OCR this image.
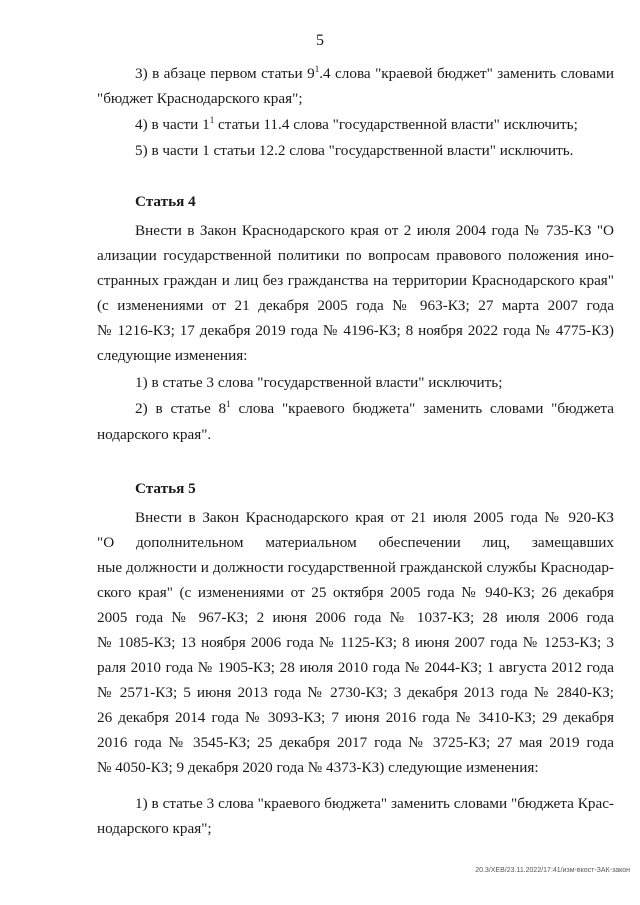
5
3) в абзаце первом статьи $9^1.4$ слова "краевой бюджет" заменить словами
"бюджет Краснодарского края";
4) в части $1^1$ статьи 11.4 слова "государственной власти" исключить;
5) в части 1 статьи 12.2 слова "государственной власти" исключить.
Статья 4
Внести в Закон Краснодарского края от 2 июля 2004 года № 735-КЗ "О
ализации государственной политики по вопросам правового положения ино-
странных граждан и лиц без гражданства на территории Краснодарского края"
(с изменениями от 21 декабря 2005 года № 963-КЗ; 27 марта 2007 года
№ 1216-КЗ; 17 декабря 2019 года № 4196-КЗ; 8 ноября 2022 года № 4775-КЗ)
следующие изменения:
1) в статье 3 слова "государственной власти" исключить;
2) в статье $8^1$ слова "краевого бюджета" заменить словами "бюджета
нодарского края".
Статья 5
Внести в Закон Краснодарского края от 21 июля 2005 года № 920-КЗ
"О дополнительном материальном обеспечении лиц, замещавших
ные должности и должности государственной гражданской службы Краснодар-
ского края" (с изменениями от 25 октября 2005 года № 940-КЗ; 26 декабря
2005 года № 967-КЗ; 2 июня 2006 года № 1037-КЗ; 28 июля 2006 года
№ 1085-КЗ; 13 ноября 2006 года № 1125-КЗ; 8 июня 2007 года № 1253-КЗ; 3
раля 2010 года № 1905-КЗ; 28 июля 2010 года № 2044-КЗ; 1 августа 2012 года
№ 2571-КЗ; 5 июня 2013 года № 2730-КЗ; 3 декабря 2013 года № 2840-КЗ;
26 декабря 2014 года № 3093-КЗ; 7 июня 2016 года № 3410-КЗ; 29 декабря
2016 года № 3545-КЗ; 25 декабря 2017 года № 3725-КЗ; 27 мая 2019 года
№ 4050-КЗ; 9 декабря 2020 года № 4373-КЗ) следующие изменения:
1) в статье 3 слова "краевого бюджета" заменить словами "бюджета Крас-
нодарского края";
20.3/ХЕВ/23.11.2022/17:41/изм-вкост-ЗАК-закон
